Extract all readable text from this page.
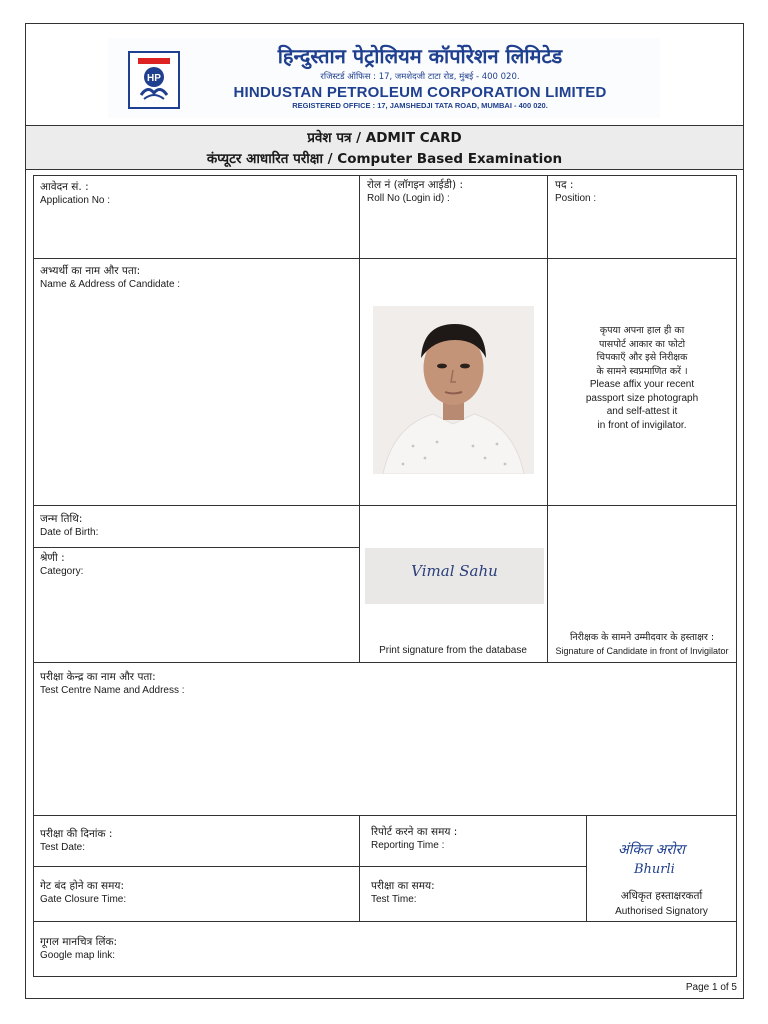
HP
हिन्दुस्तान पेट्रोलियम कॉर्पोरेशन लिमिटेड
रजिस्टर्ड ऑफिस : 17, जमशेदजी टाटा रोड, मुंबई - 400 020.
HINDUSTAN PETROLEUM CORPORATION LIMITED
REGISTERED OFFICE : 17, JAMSHEDJI TATA ROAD, MUMBAI - 400 020.
प्रवेश पत्र / ADMIT CARD
कंप्यूटर आधारित परीक्षा / Computer Based Examination
आवेदन सं. :
Application No :
रोल नं (लॉगइन आईडी) :
Roll No (Login id) :
पद :
Position :
अभ्यर्थी का नाम और पता:
Name & Address of Candidate :
कृपया अपना हाल ही का
पासपोर्ट आकार का फोटो
चिपकाएँ और इसे निरीक्षक
के सामने स्वप्रमाणित करें ।
Please affix your recent
passport size photograph
and self-attest it
in front of invigilator.
जन्म तिथि:
Date of Birth:
श्रेणी :
Category:	Vimal Sahu
Print signature from the database
निरीक्षक के सामने उम्मीदवार के हस्ताक्षर :
Signature of Candidate in front of Invigilator
परीक्षा केन्द्र का नाम और पता:
Test Centre Name and Address :
परीक्षा की दिनांक :
Test Date:
रिपोर्ट करने का समय :
Reporting Time :
गेट बंद होने का समय:
Gate Closure Time:
परीक्षा का समय:
Test Time:
अंकित अरोरा
Bhurli
अधिकृत हस्ताक्षरकर्ता
Authorised Signatory
गूगल मानचित्र लिंक:
Google map link:
Page 1 of 5
